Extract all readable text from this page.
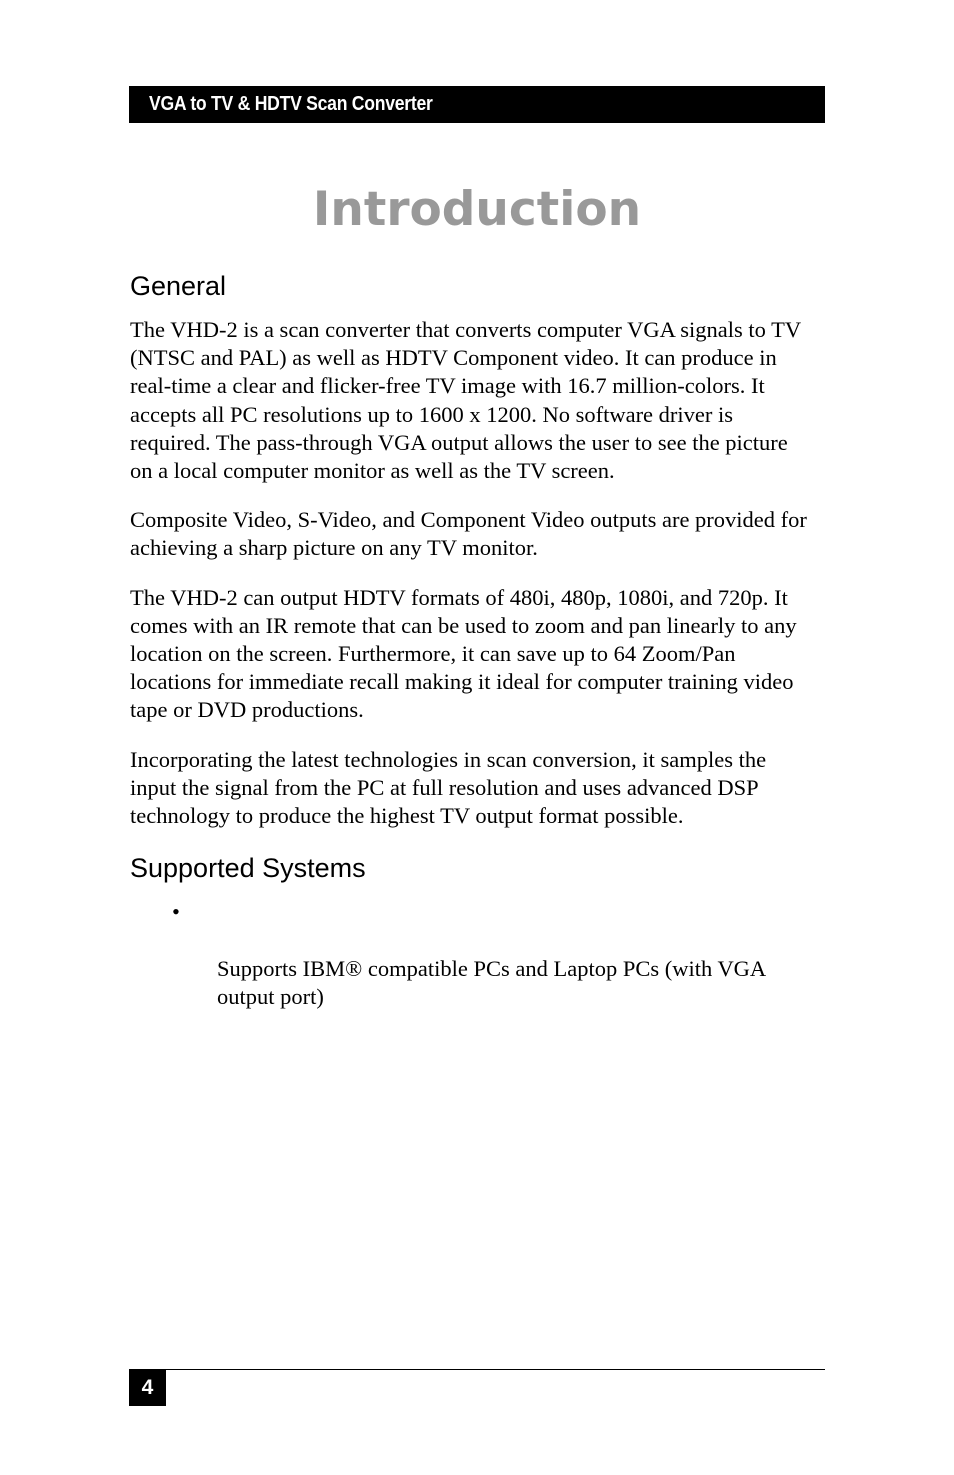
VGA to TV & HDTV Scan Converter
Introduction
General

The VHD-2 is a scan converter that converts computer VGA signals to TV
(NTSC and PAL) as well as HDTV Component video. It can produce in
real-time a clear and flicker-free TV image with 16.7 million-colors. It
accepts all PC resolutions up to 1600 x 1200. No software driver is
required. The pass-through VGA output allows the user to see the picture
on a local computer monitor as well as the TV screen.

Composite Video, S-Video, and Component Video outputs are provided for
achieving a sharp picture on any TV monitor.

The VHD-2 can output HDTV formats of 480i, 480p, 1080i, and 720p. It
comes with an IR remote that can be used to zoom and pan linearly to any
location on the screen. Furthermore, it can save up to 64 Zoom/Pan
locations for immediate recall making it ideal for computer training video
tape or DVD productions.

Incorporating the latest technologies in scan conversion, it samples the
input the signal from the PC at full resolution and uses advanced DSP
technology to produce the highest TV output format possible.

Supported Systems

•

Supports IBM® compatible PCs and Laptop PCs (with VGA
output port)

4
